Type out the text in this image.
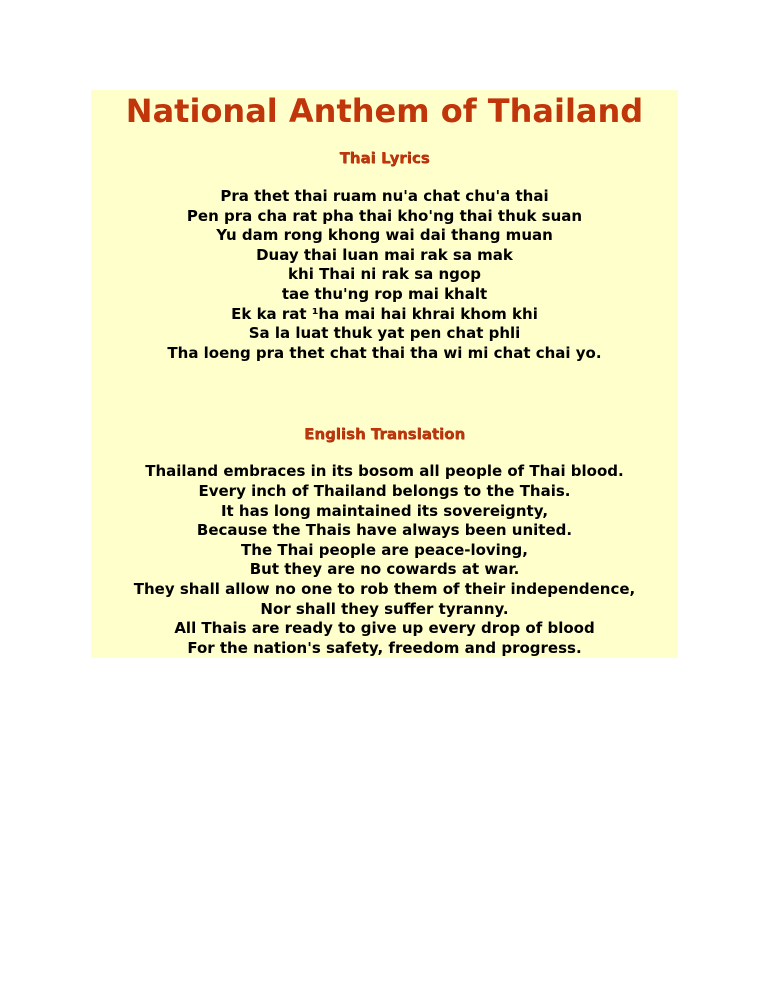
National Anthem of Thailand
Thai Lyrics
Pra thet thai ruam nu'a chat chu'a thai
Pen pra cha rat pha thai kho'ng thai thuk suan
Yu dam rong khong wai dai thang muan
Duay thai luan mai rak sa mak
khi Thai ni rak sa ngop
tae thu'ng rop mai khalt
Ek ka rat ¹ha mai hai khrai khom khi
Sa la luat thuk yat pen chat phli
Tha loeng pra thet chat thai tha wi mi chat chai yo.
English Translation
Thailand embraces in its bosom all people of Thai blood.
Every inch of Thailand belongs to the Thais.
It has long maintained its sovereignty,
Because the Thais have always been united.
The Thai people are peace-loving,
But they are no cowards at war.
They shall allow no one to rob them of their independence,
Nor shall they suffer tyranny.
All Thais are ready to give up every drop of blood
For the nation's safety, freedom and progress.
